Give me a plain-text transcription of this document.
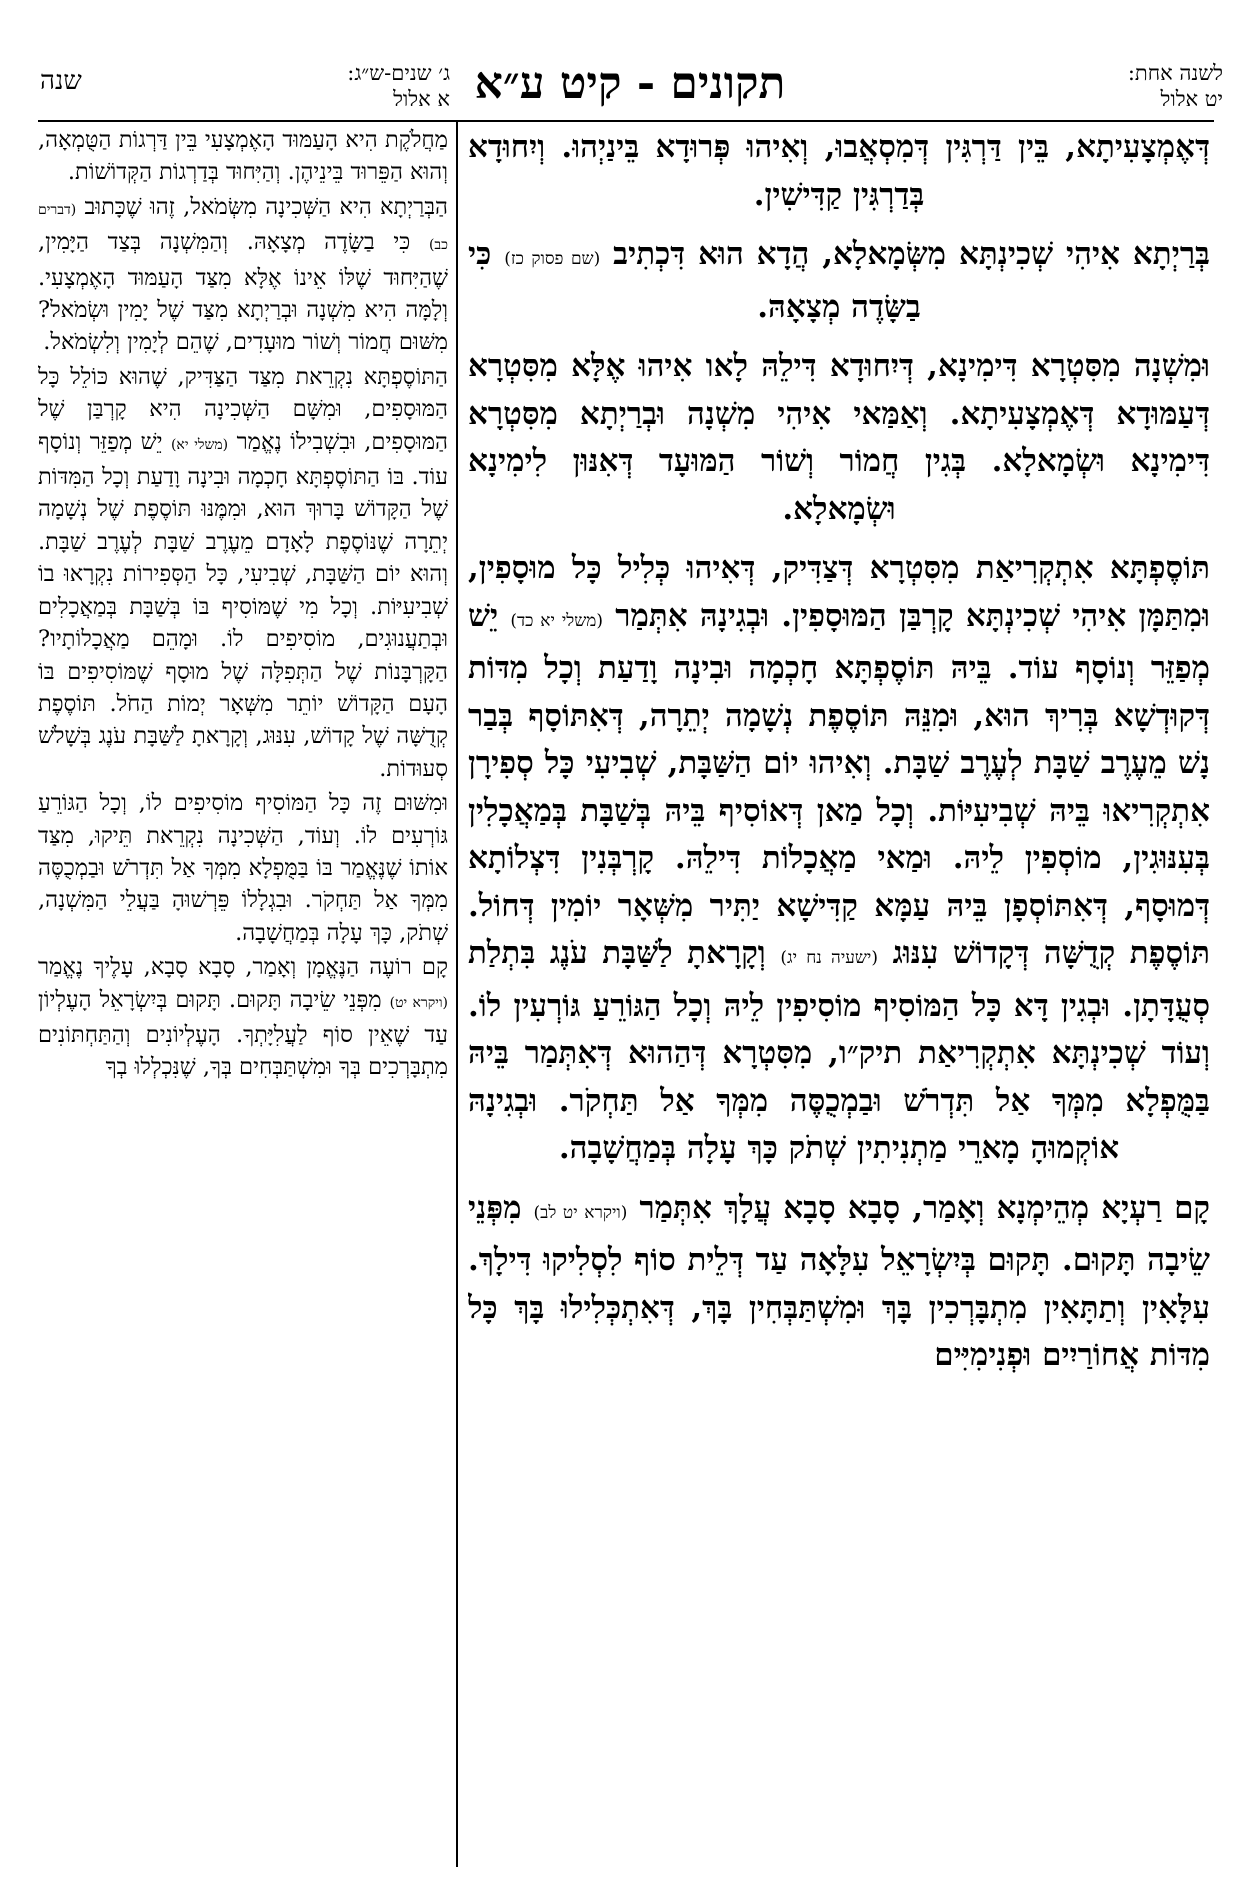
שנה	ג׳ שנים-ש״ג:
א אלול תקונים - קיט ע״א	לשנה אחת:
יט אלול

דְּאֶמְצָעִיתָא, בֵּין דַּרְגִּין דְּמִסְאֲבוּ, וְאִיהוּ פְּרוּדָא בֵּינַיְהוּ. וְיִחוּדָא בְּדַרְגִּין קַדִּישִׁין.

בְּרַיְתָא אִיהִי שְׁכִינְתָּא מִשְּׂמָאלָא, הֲדָא הוּא דִּכְתִיב (שם פסוק כז) כִּי בַשָּׂדֶה מְצָאָהּ.

וּמִשְׁנָה מִסִּטְרָא דִּימִינָא, דְּיִחוּדָא דִּילֵהּ לָאו אִיהוּ אֶלָּא מִסִּטְרָא דְּעַמּוּדָא דְּאֶמְצָעִיתָא. וְאַמַּאי אִיהִי מִשְׁנָה וּבְרַיְתָא מִסִּטְרָא דִּימִינָא וּשְׂמָאלָא. בְּגִין חֲמוֹר וְשׁוֹר הַמּוּעָד דְּאִנּוּן לִימִינָא וּשְׂמָאלָא.

תּוֹסֶפְתָּא אִתְקְרִיאַת מִסִּטְרָא דְּצַדִּיק, דְּאִיהוּ כְּלִיל כָּל מוּסָפִין, וּמִתַּמָּן אִיהִי שְׁכִינְתָּא קָרְבַּן הַמּוּסָפִין. וּבְגִינָהּ אִתְּמַר (משלי יא כד) יֵשׁ מְפַזֵּר וְנוֹסָף עוֹד. בֵּיהּ תּוֹסֶפְתָּא חָכְמָה וּבִינָה וָדַעַת וְכָל מִדּוֹת דְּקוּדְשָׁא בְּרִיךְ הוּא, וּמִנֵּהּ תּוֹסֶפֶת נְשָׁמָה יְתֵרָה, דְּאִתּוֹסָף בְּבַר נָשׁ מֵעֶרֶב שַׁבָּת לְעֶרֶב שַׁבָּת. וְאִיהוּ יוֹם הַשַּׁבָּת, שְׁבִיעִי כָּל סְפִירָן אִתְקְרִיאוּ בֵּיהּ שְׁבִיעִיּוֹת. וְכָל מַאן דְּאוֹסִיף בֵּיהּ בְּשַׁבָּת בְּמַאֲכָלִין בְּעִנּוּגִין, מוֹסְפִין לֵיהּ. וּמַאי מַאֲכָלוֹת דִּילֵהּ. קָרְבְּנִין דִּצְלוֹתָא דְּמוּסָף, דְּאִתּוֹסְפָן בֵּיהּ עַמָּא קַדִּישָׁא יַתִּיר מִשְּׁאָר יוֹמִין דְּחוֹל. תּוֹסֶפֶת קְדֻשָּׁה דְּקָדוֹשׁ עִנּוּג (ישעיה נח יג) וְקָרָאתָ לַשַּׁבָּת עֹנֶג בִּתְלַת סְעֻדָּתָן. וּבְגִין דָּא כָּל הַמּוֹסִיף מוֹסִיפִין לֵיהּ וְכָל הַגּוֹרֵעַ גּוֹרְעִין לוֹ. וְעוֹד שְׁכִינְתָּא אִתְקְרִיאַת תיק״ו, מִסִּטְרָא דְּהַהוּא דְּאִתְּמַר בֵּיהּ בַּמֻּפְלָא מִמְּךָ אַל תִּדְרֹשׁ וּבַמְכֻסֶּה מִמְּךָ אַל תַּחְקֹר. וּבְגִינָהּ אוֹקְמוּהָ מָארֵי מַתְנִיתִין שְׁתֹק כָּךְ עָלָה בְּמַחֲשָׁבָה.

קָם רַעְיָא מְהֵימְנָא וְאָמַר, סָבָא סָבָא עֲלָךְ אִתְּמַר (ויקרא יט לב) מִפְּנֵי שֵׂיבָה תָּקוּם. תָּקוּם בְּיִשְׂרָאֵל עִלָּאָה עַד דְּלֵית סוֹף לִסְלִיקוּ דִּילָךְ. עִלָּאִין וְתַתָּאִין מִתְבָּרְכִין בָּךְ וּמִשְׁתַּבְּחִין בָּךְ, דְּאִתְכְּלִילוּ בָּךְ כָּל מִדּוֹת אֲחוֹרַיִים וּפְנִימִיִּים

מַחֲלֹקֶת הִיא הָעַמּוּד הָאֶמְצָעִי בֵּין דַּרְגוֹת הַטֻּמְאָה, וְהוּא הַפֵּרוּד בֵּינֵיהֶן. וְהַיִּחוּד בְּדַרְגוֹת הַקְּדוֹשׁוֹת.

הַבְּרַיְתָא הִיא הַשְּׁכִינָה מִשְּׂמֹאל, זֶהוּ שֶׁכָּתוּב (דברים כב) כִּי בַשָּׂדֶה מְצָאָהּ. וְהַמִּשְׁנָה בְּצַד הַיָּמִין, שֶׁהַיִּחוּד שֶׁלּוֹ אֵינוֹ אֶלָּא מִצַּד הָעַמּוּד הָאֶמְצָעִי. וְלָמָּה הִיא מִשְׁנָה וּבְרַיְתָא מִצַּד שֶׁל יָמִין וּשְׂמֹאל? מִשּׁוּם חֲמוֹר וְשׁוֹר מוּעָדִים, שֶׁהֵם לְיָמִין וְלִשְׂמֹאל.

הַתּוֹסֶפְתָּא נִקְרֵאת מִצַּד הַצַּדִּיק, שֶׁהוּא כּוֹלֵל כָּל הַמּוּסָפִים, וּמִשָּׁם הַשְּׁכִינָה הִיא קָרְבַּן שֶׁל הַמּוּסָפִים, וּבִשְׁבִילוֹ נֶאֱמַר (משלי יא) יֵשׁ מְפַזֵּר וְנוֹסָף עוֹד. בּוֹ הַתּוֹסֶפְתָּא חָכְמָה וּבִינָה וָדַעַת וְכָל הַמִּדּוֹת שֶׁל הַקָּדוֹשׁ בָּרוּךְ הוּא, וּמִמֶּנּוּ תּוֹסֶפֶת שֶׁל נְשָׁמָה יְתֵרָה שֶׁנּוֹסֶפֶת לָאָדָם מֵעֶרֶב שַׁבָּת לְעֶרֶב שַׁבָּת. וְהוּא יוֹם הַשַּׁבָּת, שְׁבִיעִי, כָּל הַסְּפִירוֹת נִקְרָאוּ בוֹ שְׁבִיעִיּוֹת. וְכָל מִי שֶׁמּוֹסִיף בּוֹ בְּשַׁבָּת בְּמַאֲכָלִים וּבְתַעֲנוּגִים, מוֹסִיפִים לוֹ. וּמָהֵם מַאֲכָלוֹתָיו? הַקָּרְבָּנוֹת שֶׁל הַתְּפִלָּה שֶׁל מוּסָף שֶׁמּוֹסִיפִים בּוֹ הָעָם הַקָּדוֹשׁ יוֹתֵר מִשְּׁאָר יְמוֹת הַחֹל. תּוֹסֶפֶת קְדֻשָּׁה שֶׁל קָדוֹשׁ, עִנּוּג, וְקָרָאתָ לַשַּׁבָּת עֹנֶג בְּשָׁלֹשׁ סְעוּדוֹת.

וּמִשּׁוּם זֶה כָּל הַמּוֹסִיף מוֹסִיפִים לוֹ, וְכָל הַגּוֹרֵעַ גּוֹרְעִים לוֹ. וְעוֹד, הַשְּׁכִינָה נִקְרֵאת תֵּיקוּ, מִצַּד אוֹתוֹ שֶׁנֶּאֱמַר בּוֹ בַּמֻּפְלָא מִמְּךָ אַל תִּדְרֹשׁ וּבַמְכֻסֶּה מִמְּךָ אַל תַּחְקֹר. וּבִגְלָלוֹ פֵּרְשׁוּהָ בַּעֲלֵי הַמִּשְׁנָה, שְׁתֹק, כָּךְ עָלָה בְּמַחֲשָׁבָה.

קָם רוֹעֶה הַנֶּאֱמָן וְאָמַר, סָבָא סָבָא, עָלֶיךָ נֶאֱמַר (ויקרא יט) מִפְּנֵי שֵׂיבָה תָּקוּם. תָּקוּם בְּיִשְׂרָאֵל הָעֶלְיוֹן עַד שֶׁאֵין סוֹף לַעֲלִיָּתְךָ. הָעֶלְיוֹנִים וְהַתַּחְתּוֹנִים מִתְבָּרְכִים בְּךָ וּמִשְׁתַּבְּחִים בְּךָ, שֶׁנִּכְלְלוּ בְךָ
